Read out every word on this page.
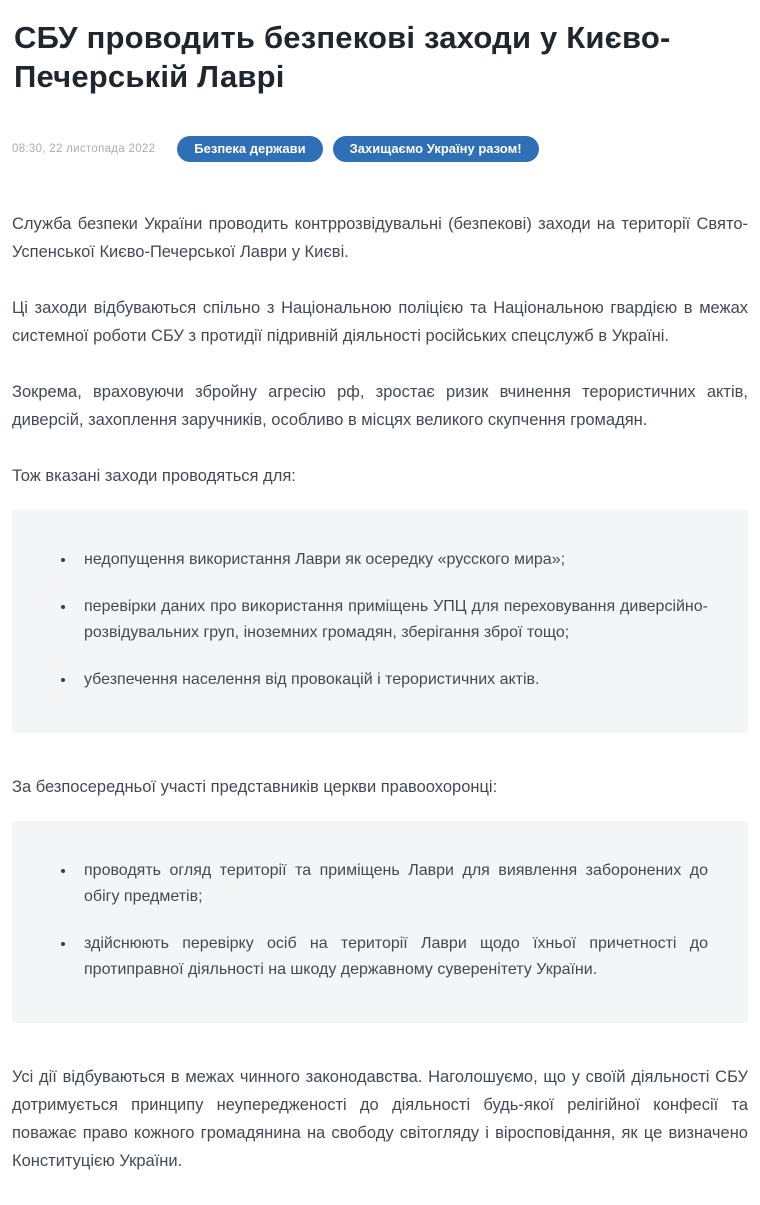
СБУ проводить безпекові заходи у Києво-Печерській Лаврі
08:30, 22 листопада 2022	Безпека держави	Захищаємо Україну разом!

Служба безпеки України проводить контррозвідувальні (безпекові) заходи на території Свято-Успенської Києво-Печерської Лаври у Києві.

Ці заходи відбуваються спільно з Національною поліцією та Національною гвардією в межах системної роботи СБУ з протидії підривній діяльності російських спецслужб в Україні.

Зокрема, враховуючи збройну агресію рф, зростає ризик вчинення терористичних актів, диверсій, захоплення заручників, особливо в місцях великого скупчення громадян.

Тож вказані заходи проводяться для:

• недопущення використання Лаври як осередку «русского мира»;
• перевірки даних про використання приміщень УПЦ для переховування диверсійно-розвідувальних груп, іноземних громадян, зберігання зброї тощо;
• убезпечення населення від провокацій і терористичних актів.

За безпосередньої участі представників церкви правоохоронці:

• проводять огляд території та приміщень Лаври для виявлення заборонених до обігу предметів;
• здійснюють перевірку осіб на території Лаври щодо їхньої причетності до протиправної діяльності на шкоду державному суверенітету України.

Усі дії відбуваються в межах чинного законодавства. Наголошуємо, що у своїй діяльності СБУ дотримується принципу неупередженості до діяльності будь-якої релігійної конфесії та поважає право кожного громадянина на свободу світогляду і віросповідання, як це визначено Конституцією України.
